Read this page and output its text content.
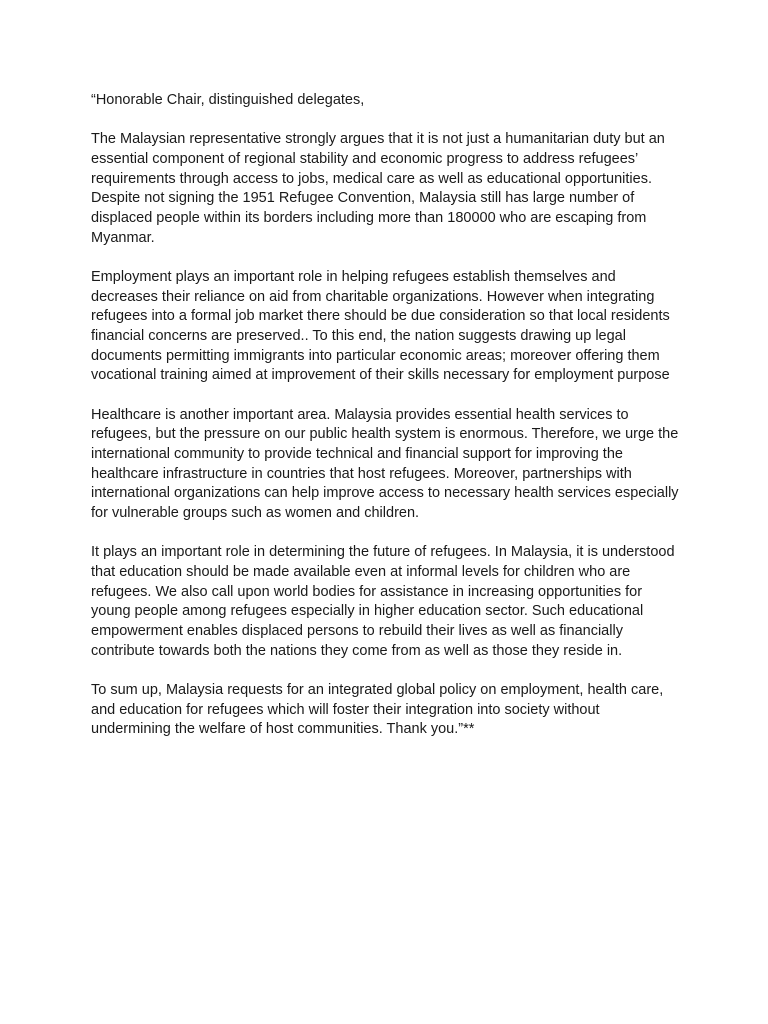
“Honorable Chair, distinguished delegates,

The Malaysian representative strongly argues that it is not just a humanitarian duty but an
essential component of regional stability and economic progress to address refugees’
requirements through access to jobs, medical care as well as educational opportunities.
Despite not signing the 1951 Refugee Convention, Malaysia still has large number of
displaced people within its borders including more than 180000 who are escaping from
Myanmar.

Employment plays an important role in helping refugees establish themselves and
decreases their reliance on aid from charitable organizations. However when integrating
refugees into a formal job market there should be due consideration so that local residents
financial concerns are preserved.. To this end, the nation suggests drawing up legal
documents permitting immigrants into particular economic areas; moreover offering them
vocational training aimed at improvement of their skills necessary for employment purpose

Healthcare is another important area. Malaysia provides essential health services to
refugees, but the pressure on our public health system is enormous. Therefore, we urge the
international community to provide technical and financial support for improving the
healthcare infrastructure in countries that host refugees. Moreover, partnerships with
international organizations can help improve access to necessary health services especially
for vulnerable groups such as women and children.

It plays an important role in determining the future of refugees. In Malaysia, it is understood
that education should be made available even at informal levels for children who are
refugees. We also call upon world bodies for assistance in increasing opportunities for
young people among refugees especially in higher education sector. Such educational
empowerment enables displaced persons to rebuild their lives as well as financially
contribute towards both the nations they come from as well as those they reside in.

To sum up, Malaysia requests for an integrated global policy on employment, health care,
and education for refugees which will foster their integration into society without
undermining the welfare of host communities. Thank you.”**
